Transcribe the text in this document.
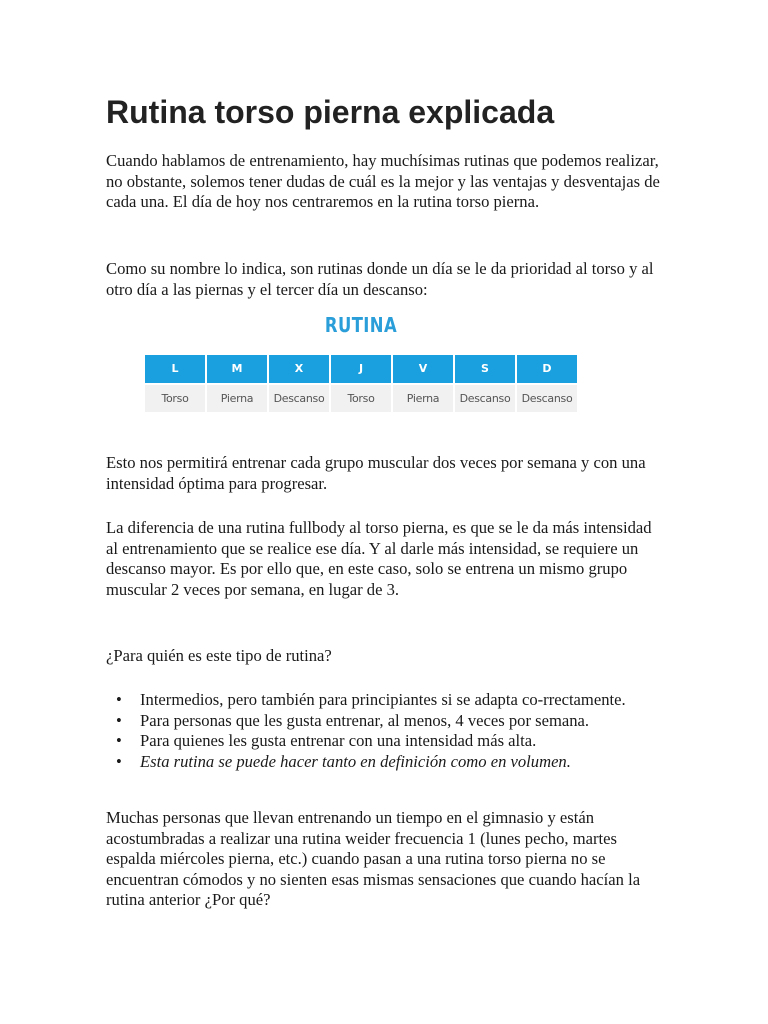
Rutina torso pierna explicada

Cuando hablamos de entrenamiento, hay muchísimas rutinas que podemos realizar, no obstante, solemos tener dudas de cuál es la mejor y las ventajas y desventajas de cada una. El día de hoy nos centraremos en la rutina torso pierna.

Como su nombre lo indica, son rutinas donde un día se le da prioridad al torso y al otro día a las piernas y el tercer día un descanso:

Esto nos permitirá entrenar cada grupo muscular dos veces por semana y con una intensidad óptima para progresar.

La diferencia de una rutina fullbody al torso pierna, es que se le da más intensidad al entrenamiento que se realice ese día. Y al darle más intensidad, se requiere un descanso mayor. Es por ello que, en este caso, solo se entrena un mismo grupo muscular 2 veces por semana, en lugar de 3.

¿Para quién es este tipo de rutina?

• Intermedios, pero también para principiantes si se adapta co-rrectamente.
• Para personas que les gusta entrenar, al menos, 4 veces por semana.
• Para quienes les gusta entrenar con una intensidad más alta.
• Esta rutina se puede hacer tanto en definición como en volumen.

Muchas personas que llevan entrenando un tiempo en el gimnasio y están acostumbradas a realizar una rutina weider frecuencia 1 (lunes pecho, martes espalda miércoles pierna, etc.) cuando pasan a una rutina torso pierna no se encuentran cómodos y no sienten esas mismas sensaciones que cuando hacían la rutina anterior ¿Por qué?

RUTINA
L	M	X	J	V	S	D
Torso	Pierna	Descanso	Torso	Pierna	Descanso	Descanso
